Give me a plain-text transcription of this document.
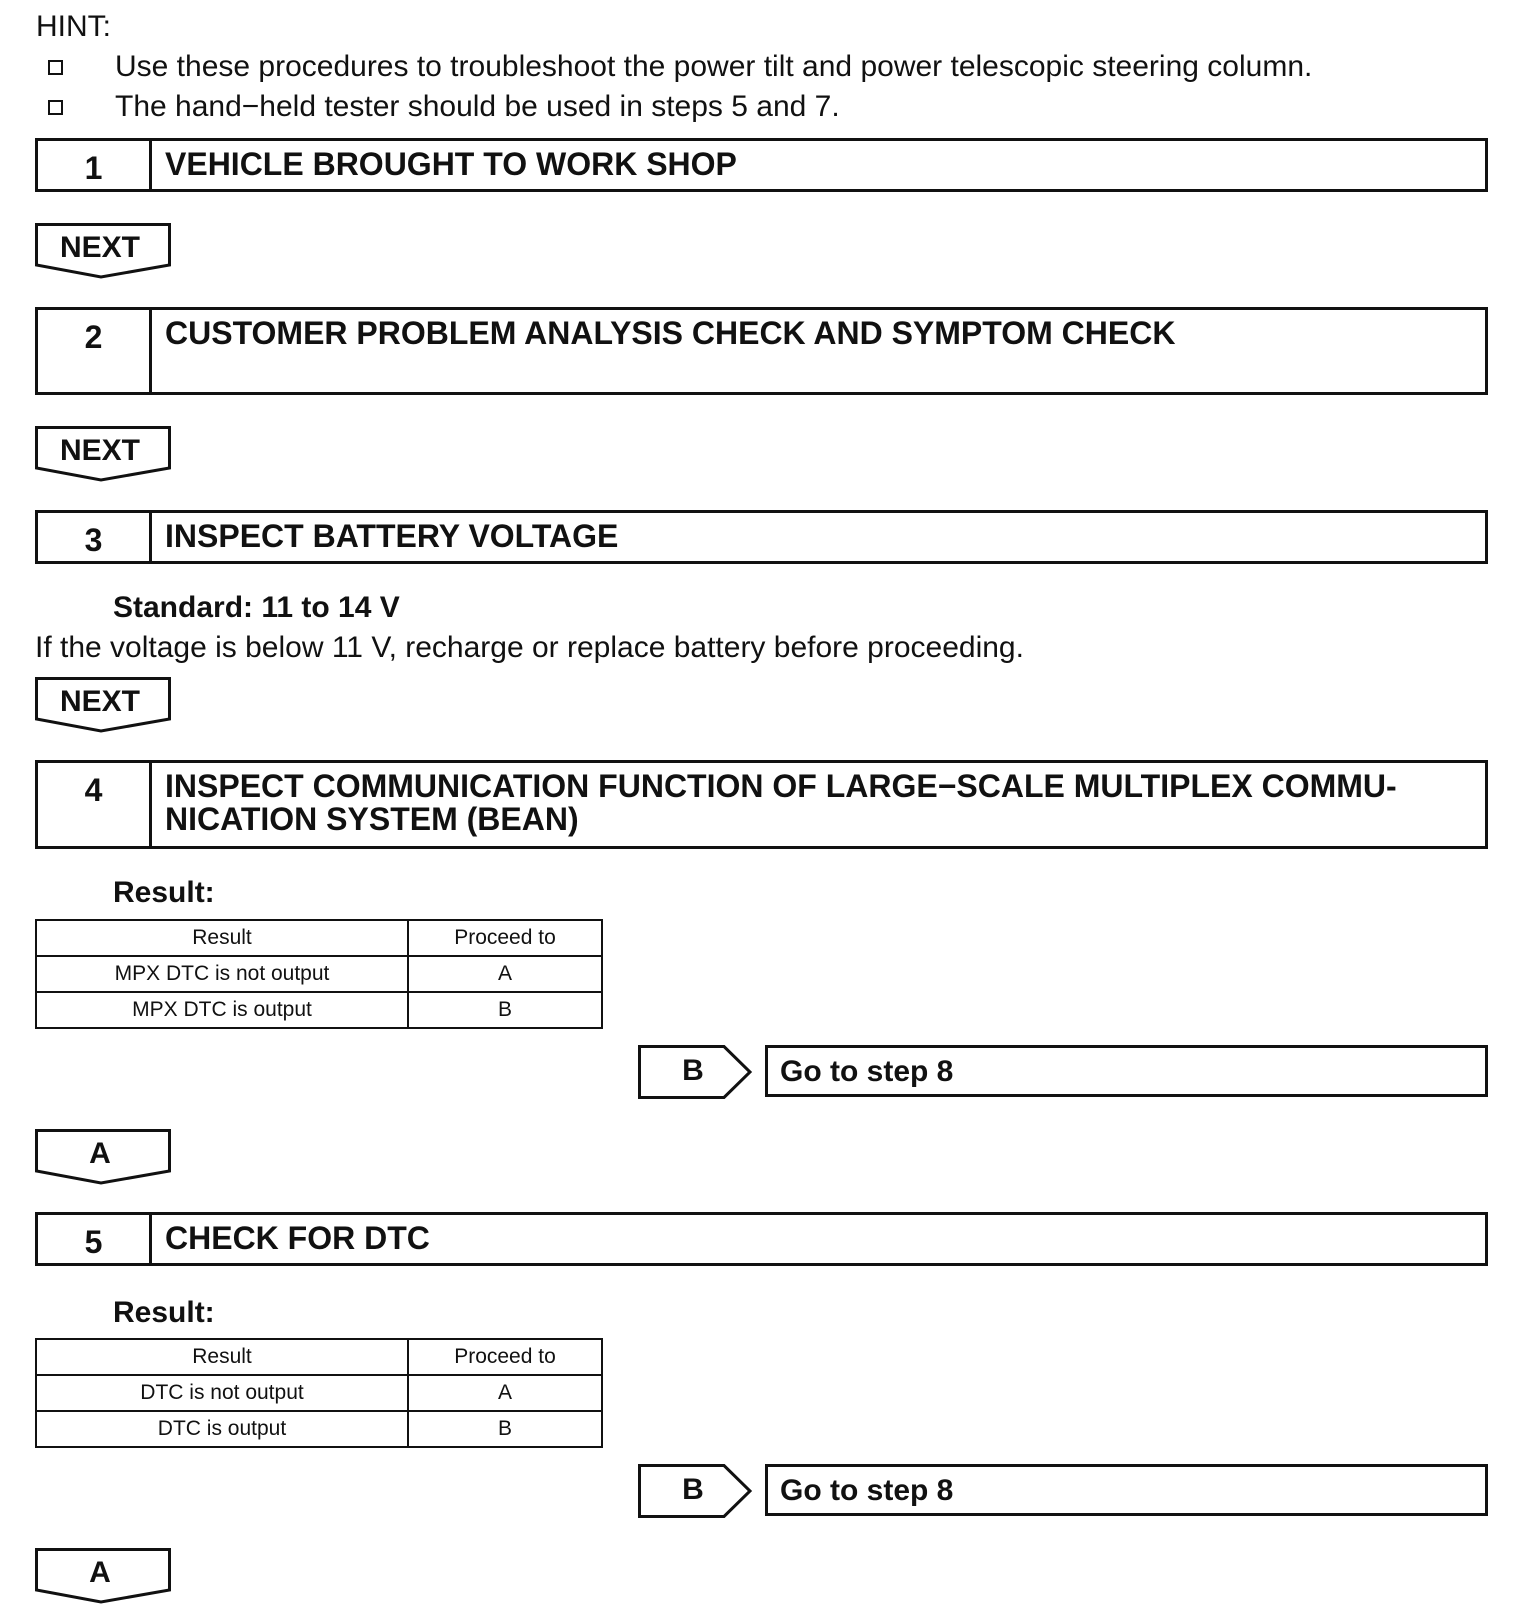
HINT:
Use these procedures to troubleshoot the power tilt and power telescopic steering column.
The hand−held tester should be used in steps 5 and 7.
1	VEHICLE BROUGHT TO WORK SHOP
NEXT
2	CUSTOMER PROBLEM ANALYSIS CHECK AND SYMPTOM CHECK
NEXT
3	INSPECT BATTERY VOLTAGE
Standard: 11 to 14 V
If the voltage is below 11 V, recharge or replace battery before proceeding.
NEXT
4	INSPECT COMMUNICATION FUNCTION OF LARGE−SCALE MULTIPLEX COMMU-
NICATION SYSTEM (BEAN)
Result:
Result	Proceed to
MPX DTC is not output	A
MPX DTC is output	B
B	Go to step 8
A
5	CHECK FOR DTC
Result:
Result	Proceed to
DTC is not output	A
DTC is output	B
B	Go to step 8
A
